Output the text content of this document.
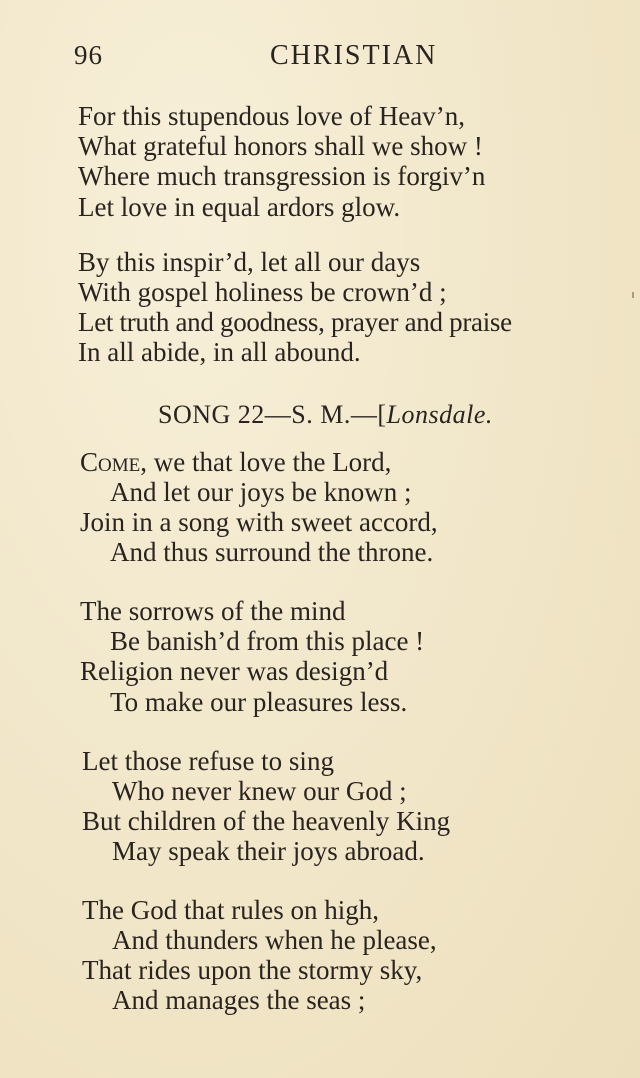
96	CHRISTIAN
For this stupendous love of Heav’n,
What grateful honors shall we show !
Where much transgression is forgiv’n
Let love in equal ardors glow.
By this inspir’d, let all our days
With gospel holiness be crown’d ;
Let truth and goodness, prayer and praise
In all abide, in all abound.
SONG 22—S. M.—[Lonsdale.
Come, we that love the Lord,
And let our joys be known ;
Join in a song with sweet accord,
And thus surround the throne.
The sorrows of the mind
Be banish’d from this place !
Religion never was design’d
To make our pleasures less.
Let those refuse to sing
Who never knew our God ;
But children of the heavenly King
May speak their joys abroad.
The God that rules on high,
And thunders when he please,
That rides upon the stormy sky,
And manages the seas ;
